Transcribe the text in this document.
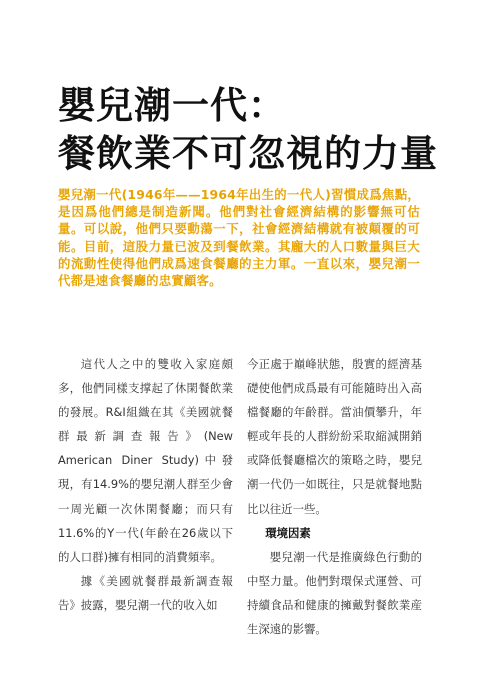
嬰兒潮一代：
餐飲業不可忽視的力量

嬰兒潮一代(1946年——1964年出生的一代人)習慣成爲焦點，是因爲他們總是制造新聞。他們對社會經濟結構的影響無可估量。可以說，他們只要動蕩一下，社會經濟結構就有被顛覆的可能。目前，這股力量已波及到餐飲業。其龐大的人口數量與巨大的流動性使得他們成爲速食餐廳的主力軍。一直以來，嬰兒潮一代都是速食餐廳的忠實顧客。

這代人之中的雙收入家庭頗多，他們同樣支撑起了休閑餐飲業的發展。R&I組織在其《美國就餐群最新調查報告》(New American Diner Study)中發現，有14.9%的嬰兒潮人群至少會一周光顧一次休閑餐廳；而只有11.6%的Y一代(年齡在26歲以下的人口群)擁有相同的消費頻率。

據《美國就餐群最新調查報告》披露，嬰兒潮一代的收入如

今正處于巔峰狀態，殷實的經濟基礎使他們成爲最有可能隨時出入高檔餐廳的年齡群。當油價攀升，年輕或年長的人群紛紛采取縮減開銷或降低餐廳檔次的策略之時，嬰兒潮一代仍一如既往，只是就餐地點比以往近一些。

環境因素

嬰兒潮一代是推廣綠色行動的中堅力量。他們對環保式運營、可持續食品和健康的擁戴對餐飲業産生深遠的影響。
